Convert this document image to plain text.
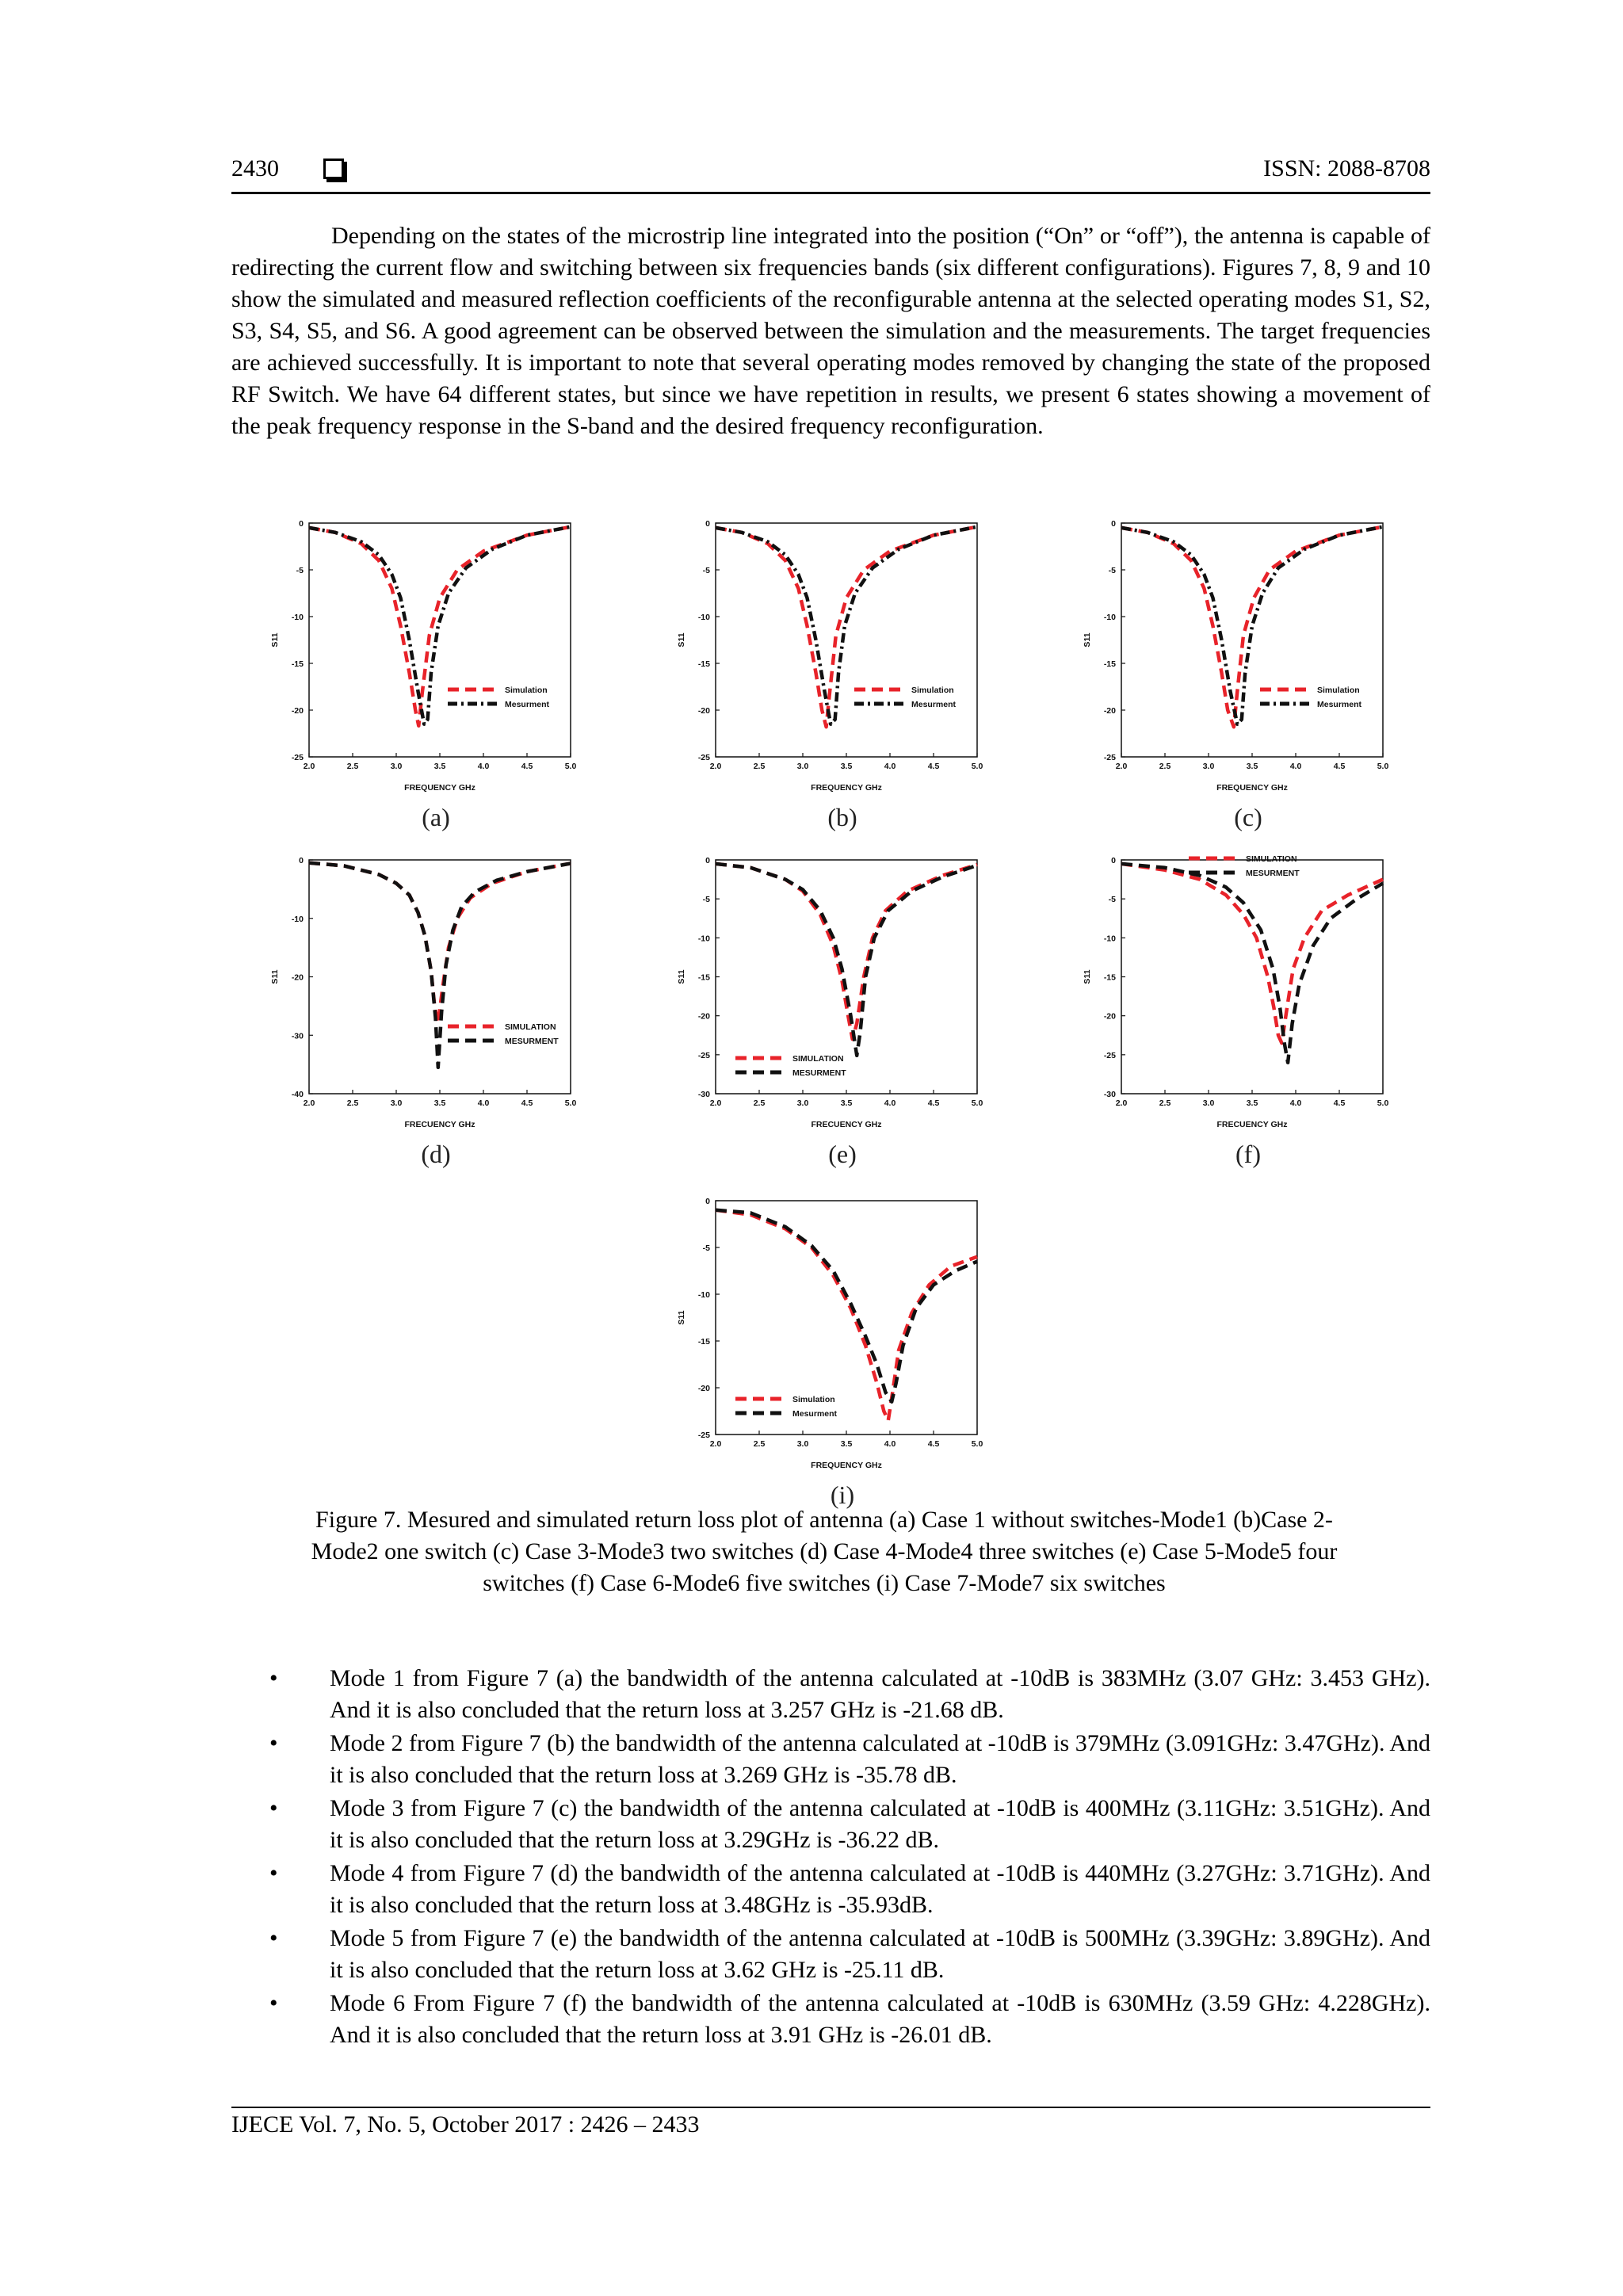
2430	ISSN: 2088-8708

Depending on the states of the microstrip line integrated into the position (“On” or “off”), the antenna is capable of redirecting the current flow and switching between six frequencies bands (six different configurations). Figures 7, 8, 9 and 10 show the simulated and measured reflection coefficients of the reconfigurable antenna at the selected operating modes S1, S2, S3, S4, S5, and S6. A good agreement can be observed between the simulation and the measurements. The target frequencies are achieved successfully. It is important to note that several operating modes removed by changing the state of the proposed RF Switch. We have 64 different states, but since we have repetition in results, we present 6 states showing a movement of the peak frequency response in the S-band and the desired frequency reconfiguration.

2.0	2.5	3.0	3.5	4.0	4.5	5.0
0
-5
-10
-15
-20
-25
FREQUENCY GHz
S11
Simulation
Mesurment
(a)
2.0	2.5	3.0	3.5	4.0	4.5	5.0
0
-5
-10
-15
-20
-25
FREQUENCY GHz
S11
Simulation
Mesurment
(b)
2.0	2.5	3.0	3.5	4.0	4.5	5.0
0
-5
-10
-15
-20
-25
FREQUENCY GHz
S11
Simulation
Mesurment
(c)
2.0	2.5	3.0	3.5	4.0	4.5	5.0
0
-10
-20
-30
-40
FRECUENCY GHz
S11
SIMULATION
MESURMENT
(d)
2.0	2.5	3.0	3.5	4.0	4.5	5.0
0
-5
-10
-15
-20
-25
-30
FRECUENCY GHz
S11
SIMULATION
MESURMENT
(e)
2.0	2.5	3.0	3.5	4.0	4.5	5.0
0
-5
-10
-15
-20
-25
-30
FRECUENCY GHz
S11
SIMULATION
MESURMENT
(f)
2.0	2.5	3.0	3.5	4.0	4.5	5.0
0
-5
-10
-15
-20
-25
FREQUENCY GHz
S11
Simulation
Mesurment
(i)

Figure 7. Mesured and simulated return loss plot of antenna (a) Case 1 without switches-Mode1 (b)Case 2-Mode2 one switch (c) Case 3-Mode3 two switches (d) Case 4-Mode4 three switches (e) Case 5-Mode5 four switches (f) Case 6-Mode6 five switches (i) Case 7-Mode7 six switches

• Mode 1 from Figure 7 (a) the bandwidth of the antenna calculated at -10dB is 383MHz (3.07 GHz: 3.453 GHz). And it is also concluded that the return loss at 3.257 GHz is -21.68 dB.
• Mode 2 from Figure 7 (b) the bandwidth of the antenna calculated at -10dB is 379MHz (3.091GHz: 3.47GHz). And it is also concluded that the return loss at 3.269 GHz is -35.78 dB.
• Mode 3 from Figure 7 (c) the bandwidth of the antenna calculated at -10dB is 400MHz (3.11GHz: 3.51GHz). And it is also concluded that the return loss at 3.29GHz is -36.22 dB.
• Mode 4 from Figure 7 (d) the bandwidth of the antenna calculated at -10dB is 440MHz (3.27GHz: 3.71GHz). And it is also concluded that the return loss at 3.48GHz is -35.93dB.
• Mode 5 from Figure 7 (e) the bandwidth of the antenna calculated at -10dB is 500MHz (3.39GHz: 3.89GHz). And it is also concluded that the return loss at 3.62 GHz is -25.11 dB.
• Mode 6 From Figure 7 (f) the bandwidth of the antenna calculated at -10dB is 630MHz (3.59 GHz: 4.228GHz). And it is also concluded that the return loss at 3.91 GHz is -26.01 dB.
IJECE Vol. 7, No. 5, October 2017 : 2426 – 2433
